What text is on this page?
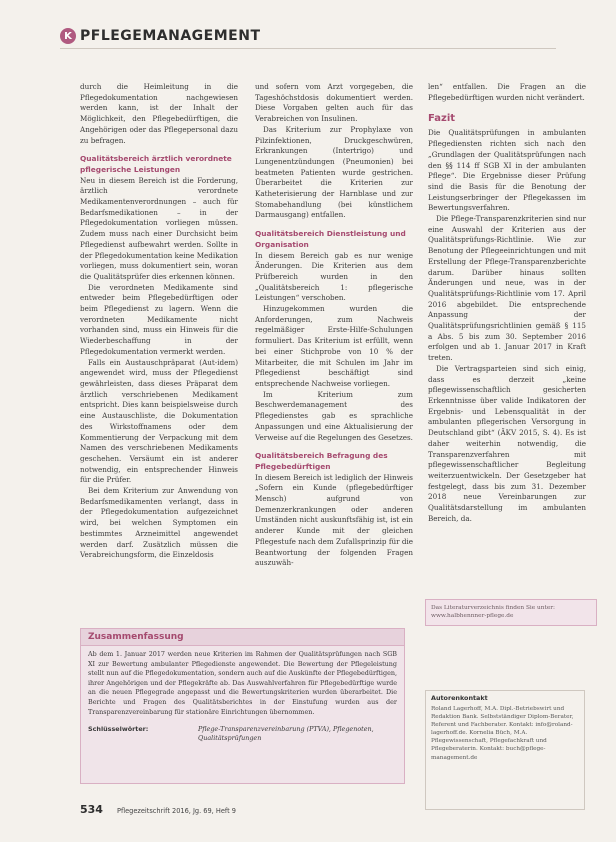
K PFLEGEMANAGEMENT

durch die Heimleitung in die Pflegedokumentation nachgewiesen werden kann, ist der Inhalt der Möglichkeit, den Pflegebedürftigen, die Angehörigen oder das Pflegepersonal dazu zu befragen.

Qualitätsbereich ärztlich verordnete pflegerische Leistungen

Neu in diesem Bereich ist die Forderung, ärztlich verordnete Medikamentenverordnungen – auch für Bedarfsmedikationen – in der Pflegedokumentation vorliegen müssen. Zudem muss nach einer Durchsicht beim Pflegedienst aufbewahrt werden. Sollte in der Pflegedokumentation keine Medikation vorliegen, muss dokumentiert sein, woran die Qualitätsprüfer dies erkennen können.

Die verordneten Medikamente sind entweder beim Pflegebedürftigen oder beim Pflegedienst zu lagern. Wenn die verordneten Medikamente nicht vorhanden sind, muss ein Hinweis für die Wiederbeschaffung in der Pflegedokumentation vermerkt werden.

Falls ein Austauschpräparat (Aut-idem) angewendet wird, muss der Pflegedienst gewährleisten, dass dieses Präparat dem ärztlich verschriebenen Medikament entspricht. Dies kann beispielsweise durch eine Austauschliste, die Dokumentation des Wirkstoffnamens oder dem Kommentierung der Verpackung mit dem Namen des verschriebenen Medikaments geschehen. Versäumt ein ist anderer notwendig, ein entsprechender Hinweis für die Prüfer.

Bei dem Kriterium zur Anwendung von Bedarfsmedikamenten verlangt, dass in der Pflegedokumentation aufgezeichnet wird, bei welchen Symptomen ein bestimmtes Arzneimittel angewendet werden darf. Zusätzlich müssen die Verabreichungsform, die Einzeldosis

und sofern vom Arzt vorgegeben, die Tageshöchstdosis dokumentiert werden. Diese Vorgaben gelten auch für das Verabreichen von Insulinen.

Das Kriterium zur Prophylaxe von Pilzinfektionen, Druckgeschwüren, Erkrankungen (Intertrigo) und Lungenentzündungen (Pneumonien) bei beatmeten Patienten wurde gestrichen. Überarbeitet die Kriterien zur Katheterisierung der Harnblase und zur Stomabehandlung (bei künstlichem Darmausgang) entfallen.

Qualitätsbereich Dienstleistung und Organisation

In diesem Bereich gab es nur wenige Änderungen. Die Kriterien aus dem Prüfbereich wurden in den „Qualitätsbereich 1: pflegerische Leistungen“ verschoben.

Hinzugekommen wurden die Anforderungen, zum Nachweis regelmäßiger Erste-Hilfe-Schulungen formuliert. Das Kriterium ist erfüllt, wenn bei einer Stichprobe von 10 % der Mitarbeiter, die mit Schulen im Jahr im Pflegedienst beschäftigt sind entsprechende Nachweise vorliegen.

Im Kriterium zum Beschwerdemanagement des Pflegedienstes gab es sprachliche Anpassungen und eine Aktualisierung der Verweise auf die Regelungen des Gesetzes.

Qualitätsbereich Befragung des Pflegebedürftigen

In diesem Bereich ist lediglich der Hinweis „Sofern ein Kunde (pflegebedürftiger Mensch) aufgrund von Demenzerkrankungen oder anderen Umständen nicht auskunftsfähig ist, ist ein anderer Kunde mit der gleichen Pflegestufe nach dem Zufallsprinzip für die Beantwortung der folgenden Fragen auszuwäh-

len“ entfallen. Die Fragen an die Pflegebedürftigen wurden nicht verändert.

Fazit

Die Qualitätsprüfungen in ambulanten Pflegediensten richten sich nach den „Grundlagen der Qualitätsprüfungen nach den §§ 114 ff SGB XI in der ambulanten Pflege“. Die Ergebnisse dieser Prüfung sind die Basis für die Benotung der Leistungserbringer der Pflegekassen im Bewertungsverfahren.

Die Pflege-Transparenzkriterien sind nur eine Auswahl der Kriterien aus der Qualitätsprüfungs-Richtlinie. Wie zur Benotung der Pflegeeinrichtungen und mit Erstellung der Pflege-Transparenzberichte darum. Darüber hinaus sollten Änderungen und neue, was in der Qualitätsprüfungs-Richtlinie vom 17. April 2016 abgebildet. Die entsprechende Anpassung der Qualitätsprüfungsrichtlinien gemäß § 115 a Abs. 5 bis zum 30. September 2016 erfolgen und ab 1. Januar 2017 in Kraft treten.

Die Vertragsparteien sind sich einig, dass es derzeit „keine pflegewissenschaftlich gesicherten Erkenntnisse über valide Indikatoren der Ergebnis- und Lebensqualität in der ambulanten pflegerischen Versorgung in Deutschland gibt“ (ÄKV 2015, S. 4). Es ist daher weiterhin notwendig, die Transparenzverfahren mit pflegewissenschaftlicher Begleitung weiterzuentwickeln. Der Gesetzgeber hat festgelegt, dass bis zum 31. Dezember 2018 neue Vereinbarungen zur Qualitätsdarstellung im ambulanten Bereich, da.

Das Literaturverzeichnis finden Sie unter: www.halbhennner-pflege.de
Zusammenfassung
Ab dem 1. Januar 2017 werden neue Kriterien im Rahmen der Qualitätsprüfungen nach SGB XI zur Bewertung ambulanter Pflegedienste angewendet. Die Bewertung der Pflegeleistung stellt nun auf die Pflegedokumentation, sondern auch auf die Auskünfte der Pflegebedürftigen, ihrer Angehörigen und der Pflegekräfte ab. Das Auswahlverfahren für Pflegebedürftige wurde an die neuen Pflegegrade angepasst und die Bewertungskriterien wurden überarbeitet. Die Berichte und Fragen des Qualitätsberichtes in der Einstufung wurden aus der Transparenzvereinbarung für stationäre Einrichtungen übernommen.
Schlüsselwörter:	Pflege-Transparenzvereinbarung (PTVA), Pflegenoten, Qualitätsprüfungen
Autorenkontakt
Roland Lagerhoff, M.A. Dipl.-Betriebswirt und Redaktion Bank. Selbstständiger Diplom-Berater, Referent und Fachberater. Kontakt: info@roland-lagerhoff.de. Kornelia Büch, M.A. Pflegewissenschaft, Pflegefachkraft und Pflegeberaterin. Kontakt: buch@pflege-management.de
534 Pflegezeitschrift 2016, Jg. 69, Heft 9
